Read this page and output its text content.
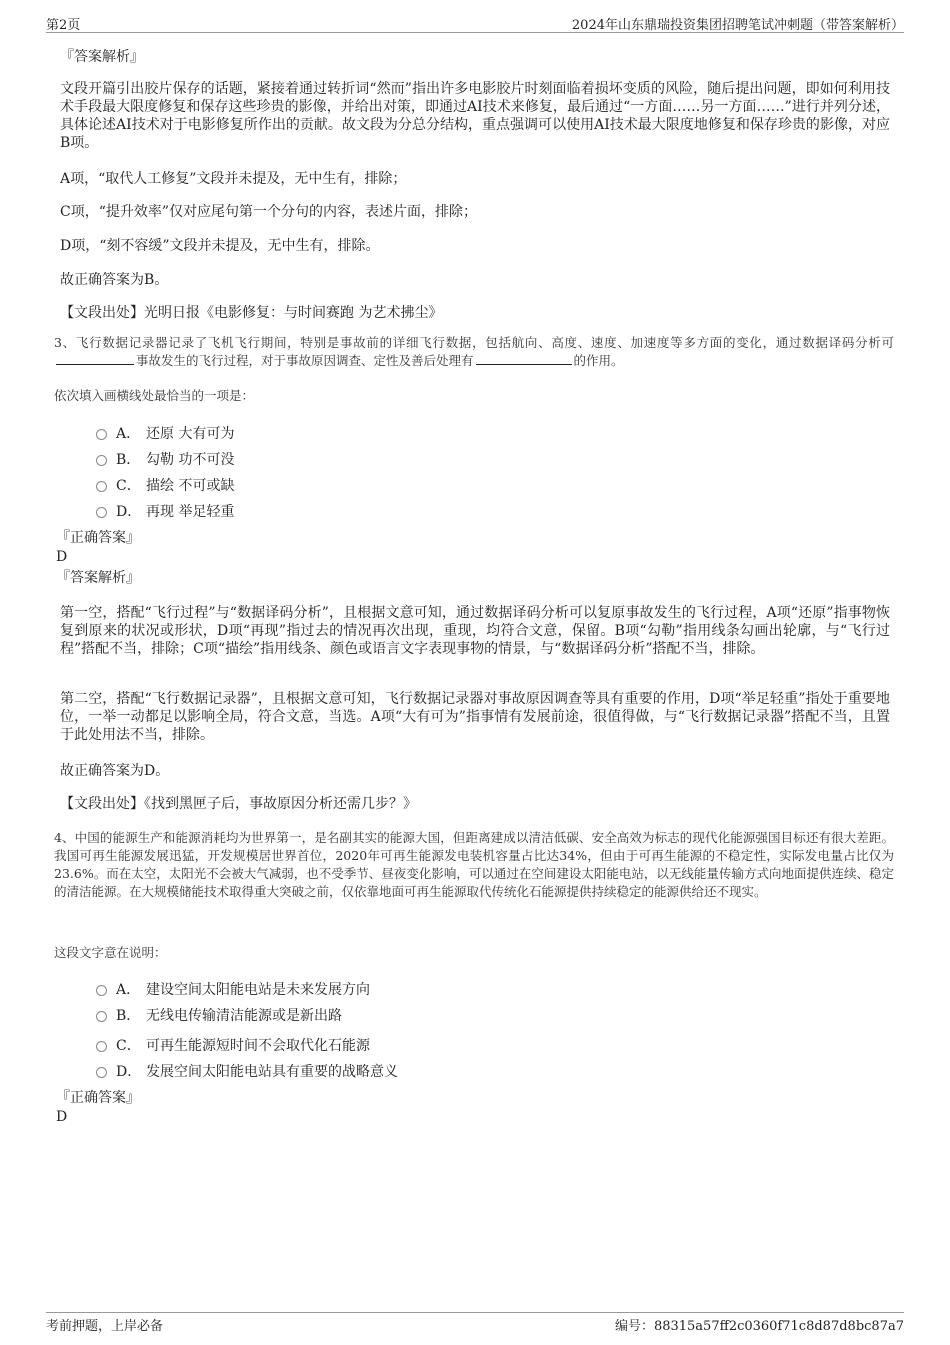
第2页	2024年山东鼎瑞投资集团招聘笔试冲刺题（带答案解析）
『答案解析』
文段开篇引出胶片保存的话题，紧接着通过转折词“然而”指出许多电影胶片时刻面临着损坏变质的风险，随后提出问题，即如何利用技术手段最大限度修复和保存这些珍贵的影像，并给出对策，即通过AI技术来修复，最后通过“一方面……另一方面……”进行并列分述，具体论述AI技术对于电影修复所作出的贡献。故文段为分总分结构，重点强调可以使用AI技术最大限度地修复和保存珍贵的影像，对应B项。
A项，“取代人工修复”文段并未提及，无中生有，排除；
C项，“提升效率”仅对应尾句第一个分句的内容，表述片面，排除；
D项，“刻不容缓”文段并未提及，无中生有，排除。
故正确答案为B。
【文段出处】光明日报《电影修复：与时间赛跑 为艺术拂尘》
3、飞行数据记录器记录了飞机飞行期间，特别是事故前的详细飞行数据，包括航向、高度、速度、加速度等多方面的变化，通过数据译码分析可事故发生的飞行过程，对于事故原因调查、定性及善后处理有	的作用。
依次填入画横线处最恰当的一项是：
A． 还原 大有可为
B． 勾勒 功不可没
C． 描绘 不可或缺
D． 再现 举足轻重
『正确答案』
D
『答案解析』
第一空，搭配“飞行过程”与“数据译码分析”，且根据文意可知，通过数据译码分析可以复原事故发生的飞行过程，A项“还原”指事物恢复到原来的状况或形状，D项“再现”指过去的情况再次出现，重现，均符合文意，保留。B项“勾勒”指用线条勾画出轮廓，与“飞行过程”搭配不当，排除；C项“描绘”指用线条、颜色或语言文字表现事物的情景，与“数据译码分析”搭配不当，排除。
第二空，搭配“飞行数据记录器”，且根据文意可知，飞行数据记录器对事故原因调查等具有重要的作用，D项“举足轻重”指处于重要地位，一举一动都足以影响全局，符合文意，当选。A项“大有可为”指事情有发展前途，很值得做，与“飞行数据记录器”搭配不当，且置于此处用法不当，排除。
故正确答案为D。
【文段出处】《找到黑匣子后，事故原因分析还需几步？》
4、中国的能源生产和能源消耗均为世界第一，是名副其实的能源大国，但距离建成以清洁低碳、安全高效为标志的现代化能源强国目标还有很大差距。我国可再生能源发展迅猛，开发规模居世界首位，2020年可再生能源发电装机容量占比达34%，但由于可再生能源的不稳定性，实际发电量占比仅为23.6%。而在太空，太阳光不会被大气减弱，也不受季节、昼夜变化影响，可以通过在空间建设太阳能电站，以无线能量传输方式向地面提供连续、稳定的清洁能源。在大规模储能技术取得重大突破之前，仅依靠地面可再生能源取代传统化石能源提供持续稳定的能源供给还不现实。
这段文字意在说明：
A． 建设空间太阳能电站是未来发展方向
B． 无线电传输清洁能源或是新出路
C． 可再生能源短时间不会取代化石能源
D． 发展空间太阳能电站具有重要的战略意义
『正确答案』
D
考前押题，上岸必备	编号：88315a57ff2c0360f71c8d87d8bc87a7
